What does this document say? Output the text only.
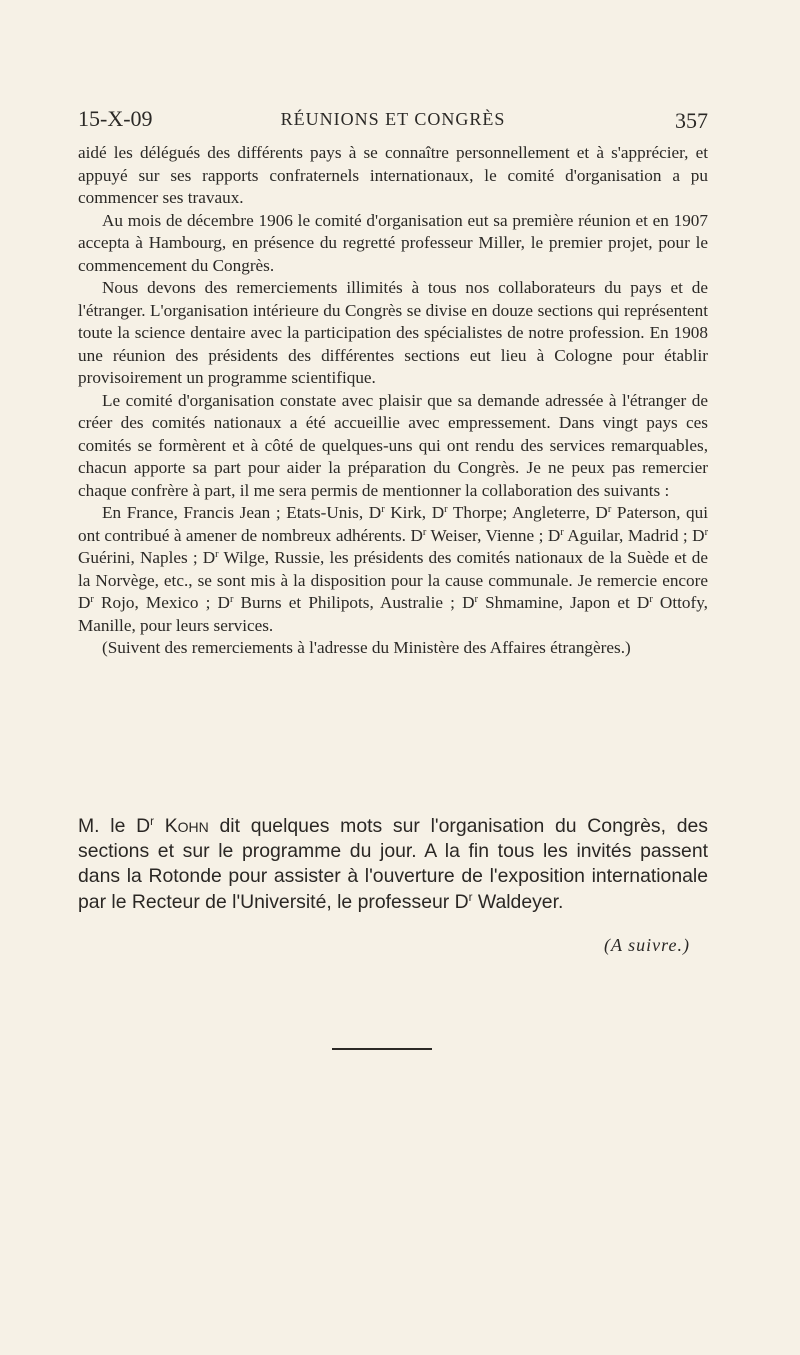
15-X-09	RÉUNIONS ET CONGRÈS	357

aidé les délégués des différents pays à se connaître personnellement et à s'apprécier, et appuyé sur ses rapports confraternels internationaux, le comité d'organisation a pu commencer ses travaux.

Au mois de décembre 1906 le comité d'organisation eut sa première réunion et en 1907 accepta à Hambourg, en présence du regretté professeur Miller, le premier projet, pour le commencement du Congrès.

Nous devons des remerciements illimités à tous nos collaborateurs du pays et de l'étranger. L'organisation intérieure du Congrès se divise en douze sections qui représentent toute la science dentaire avec la participation des spécialistes de notre profession. En 1908 une réunion des présidents des différentes sections eut lieu à Cologne pour établir provisoirement un programme scientifique.

Le comité d'organisation constate avec plaisir que sa demande adressée à l'étranger de créer des comités nationaux a été accueillie avec empressement. Dans vingt pays ces comités se formèrent et à côté de quelques-uns qui ont rendu des services remarquables, chacun apporte sa part pour aider la préparation du Congrès. Je ne peux pas remercier chaque confrère à part, il me sera permis de mentionner la collaboration des suivants :

En France, Francis Jean ; Etats-Unis, $D^r$ Kirk, $D^r$ Thorpe; Angleterre, $D^r$ Paterson, qui ont contribué à amener de nombreux adhérents. $D^r$ Weiser, Vienne ; $D^r$ Aguilar, Madrid ; $D^r$ Guérini, Naples ; $D^r$ Wilge, Russie, les présidents des comités nationaux de la Suède et de la Norvège, etc., se sont mis à la disposition pour la cause communale. Je remercie encore $D^r$ Rojo, Mexico ; $D^r$ Burns et Philipots, Australie ; $D^r$ Shmamine, Japon et $D^r$ Ottofy, Manille, pour leurs services.

(Suivent des remerciements à l'adresse du Ministère des Affaires étrangères.)

M. le $D^r$ Kohn dit quelques mots sur l'organisation du Congrès, des sections et sur le programme du jour. A la fin tous les invités passent dans la Rotonde pour assister à l'ouverture de l'exposition internationale par le Recteur de l'Université, le professeur $D^r$ Waldeyer.

(A suivre.)
